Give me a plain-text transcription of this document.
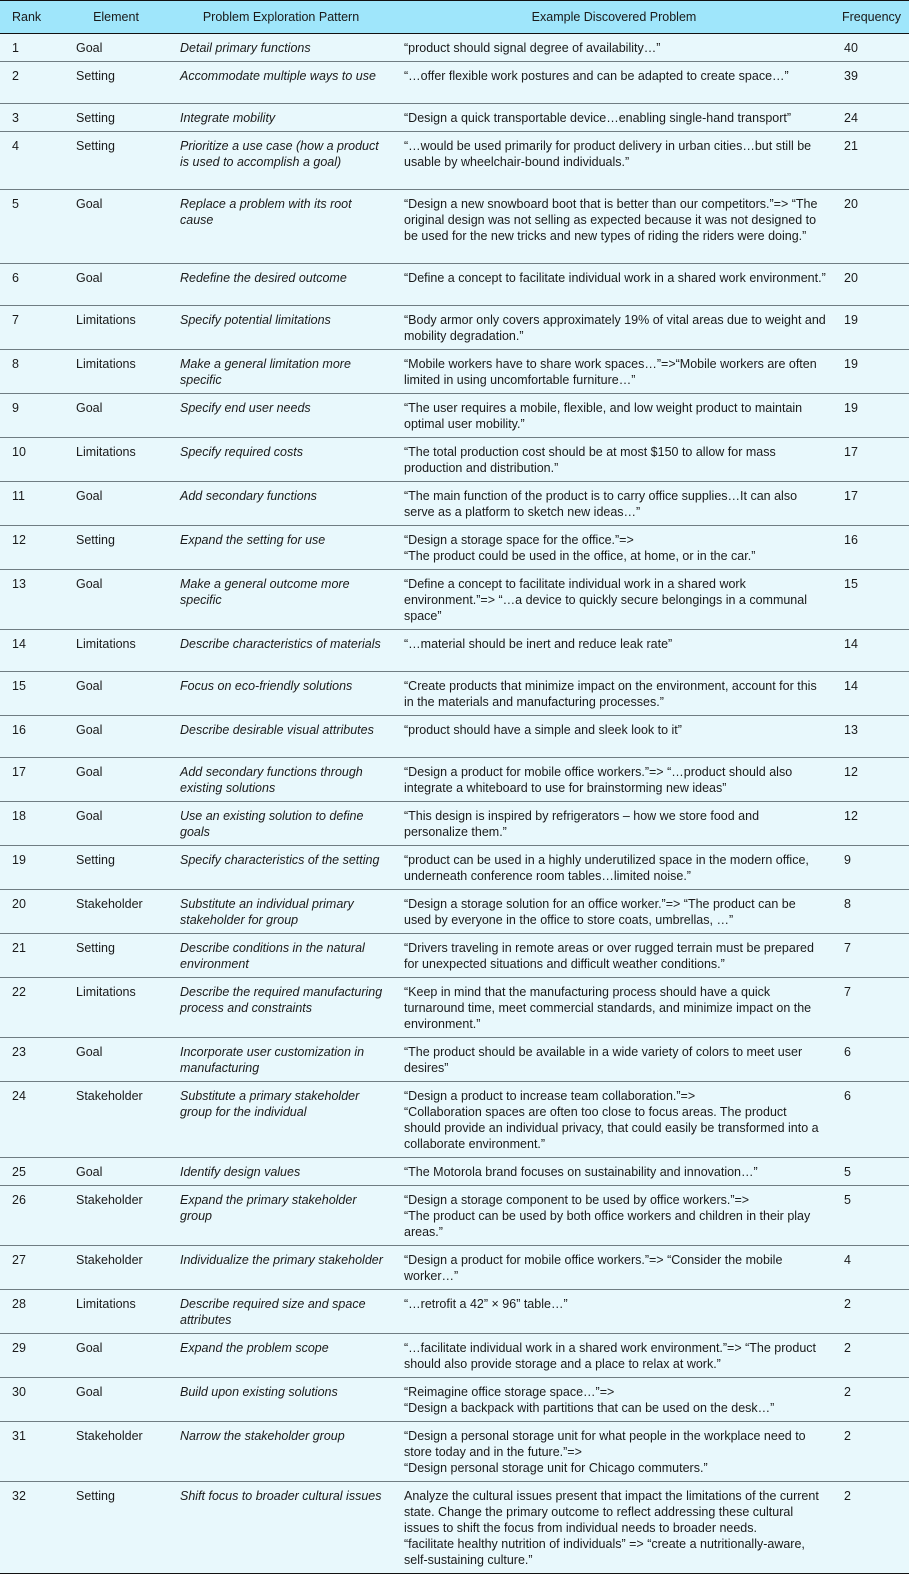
Rank	Element	Problem Exploration Pattern	Example Discovered Problem	Frequency
1	Goal	Detail primary functions	“product should signal degree of availability…”	40
2	Setting	Accommodate multiple ways to use	“…offer flexible work postures and can be adapted to create space…”	39
3	Setting	Integrate mobility	“Design a quick transportable device…enabling single-hand transport”	24
4	Setting	Prioritize a use case (how a product is used to accomplish a goal)	“…would be used primarily for product delivery in urban cities…but still be usable by wheelchair-bound individuals.”	21
5	Goal	Replace a problem with its root cause	“Design a new snowboard boot that is better than our competitors.”=> “The original design was not selling as expected because it was not designed to be used for the new tricks and new types of riding the riders were doing.”	20
6	Goal	Redefine the desired outcome	“Define a concept to facilitate individual work in a shared work environment.”	20
7	Limitations	Specify potential limitations	“Body armor only covers approximately 19% of vital areas due to weight and mobility degradation.”	19
8	Limitations	Make a general limitation more specific	“Mobile workers have to share work spaces…”=>“Mobile workers are often limited in using uncomfortable furniture…”	19
9	Goal	Specify end user needs	“The user requires a mobile, flexible, and low weight product to maintain optimal user mobility.”	19
10	Limitations	Specify required costs	“The total production cost should be at most $150 to allow for mass production and distribution.”	17
11	Goal	Add secondary functions	“The main function of the product is to carry office supplies…It can also serve as a platform to sketch new ideas…”	17
12	Setting	Expand the setting for use	“Design a storage space for the office.”=>
“The product could be used in the office, at home, or in the car.”	16
13	Goal	Make a general outcome more specific	“Define a concept to facilitate individual work in a shared work environment.”=> “…a device to quickly secure belongings in a communal space”	15
14	Limitations	Describe characteristics of materials	“…material should be inert and reduce leak rate”	14
15	Goal	Focus on eco-friendly solutions	“Create products that minimize impact on the environment, account for this in the materials and manufacturing processes.”	14
16	Goal	Describe desirable visual attributes	“product should have a simple and sleek look to it”	13
17	Goal	Add secondary functions through existing solutions	“Design a product for mobile office workers.”=> “…product should also integrate a whiteboard to use for brainstorming new ideas”	12
18	Goal	Use an existing solution to define goals	“This design is inspired by refrigerators – how we store food and personalize them.”	12
19	Setting	Specify characteristics of the setting	“product can be used in a highly underutilized space in the modern office, underneath conference room tables…limited noise.”	9
20	Stakeholder	Substitute an individual primary stakeholder for group	“Design a storage solution for an office worker.”=> “The product can be used by everyone in the office to store coats, umbrellas, …”	8
21	Setting	Describe conditions in the natural environment	“Drivers traveling in remote areas or over rugged terrain must be prepared for unexpected situations and difficult weather conditions.”	7
22	Limitations	Describe the required manufacturing process and constraints	“Keep in mind that the manufacturing process should have a quick turnaround time, meet commercial standards, and minimize impact on the environment.”	7
23	Goal	Incorporate user customization in manufacturing	“The product should be available in a wide variety of colors to meet user desires”	6
24	Stakeholder	Substitute a primary stakeholder group for the individual	“Design a product to increase team collaboration.”=>
“Collaboration spaces are often too close to focus areas. The product should provide an individual privacy, that could easily be transformed into a collaborate environment.”	6
25	Goal	Identify design values	“The Motorola brand focuses on sustainability and innovation…”	5
26	Stakeholder	Expand the primary stakeholder group	“Design a storage component to be used by office workers.”=>
“The product can be used by both office workers and children in their play areas.”	5
27	Stakeholder	Individualize the primary stakeholder	“Design a product for mobile office workers.”=> “Consider the mobile worker…”	4
28	Limitations	Describe required size and space attributes	“…retrofit a 42” × 96” table…”	2
29	Goal	Expand the problem scope	“…facilitate individual work in a shared work environment.”=> “The product should also provide storage and a place to relax at work.”	2
30	Goal	Build upon existing solutions	“Reimagine office storage space…”=>
“Design a backpack with partitions that can be used on the desk…”	2
31	Stakeholder	Narrow the stakeholder group	“Design a personal storage unit for what people in the workplace need to store today and in the future.”=>
“Design personal storage unit for Chicago commuters.”	2
32	Setting	Shift focus to broader cultural issues	Analyze the cultural issues present that impact the limitations of the current state. Change the primary outcome to reflect addressing these cultural issues to shift the focus from individual needs to broader needs.
“facilitate healthy nutrition of individuals” => “create a nutritionally-aware, self-sustaining culture.”	2
